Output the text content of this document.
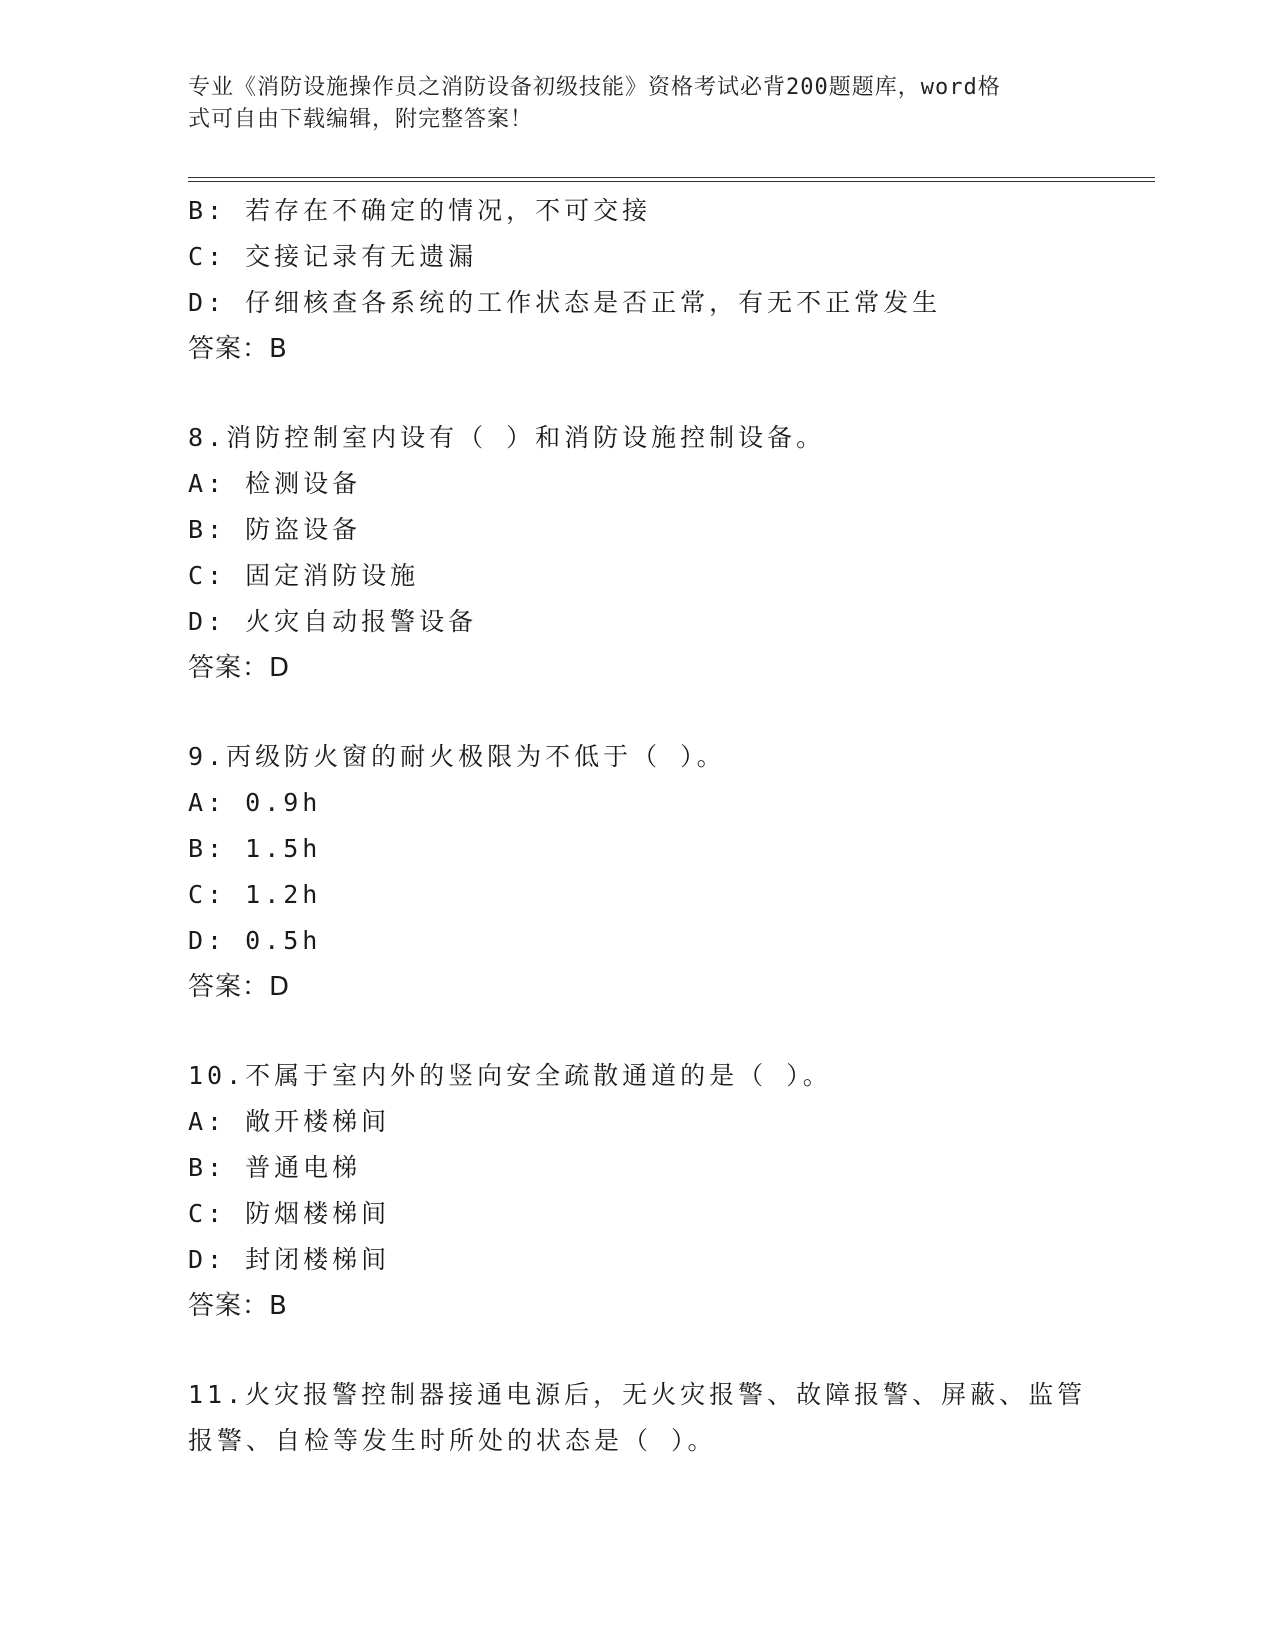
专业《消防设施操作员之消防设备初级技能》资格考试必背200题题库，word格
式可自由下载编辑，附完整答案！
B: 若存在不确定的情况，不可交接
C: 交接记录有无遗漏
D: 仔细核查各系统的工作状态是否正常，有无不正常发生
答案：B
8.消防控制室内设有（ ）和消防设施控制设备。
A: 检测设备
B: 防盗设备
C: 固定消防设施
D: 火灾自动报警设备
答案：D
9.丙级防火窗的耐火极限为不低于（ ）。
A: 0.9h
B: 1.5h
C: 1.2h
D: 0.5h
答案：D
10.不属于室内外的竖向安全疏散通道的是（ ）。
A: 敞开楼梯间
B: 普通电梯
C: 防烟楼梯间
D: 封闭楼梯间
答案：B
11.火灾报警控制器接通电源后，无火灾报警、故障报警、屏蔽、监管
报警、自检等发生时所处的状态是（ ）。
